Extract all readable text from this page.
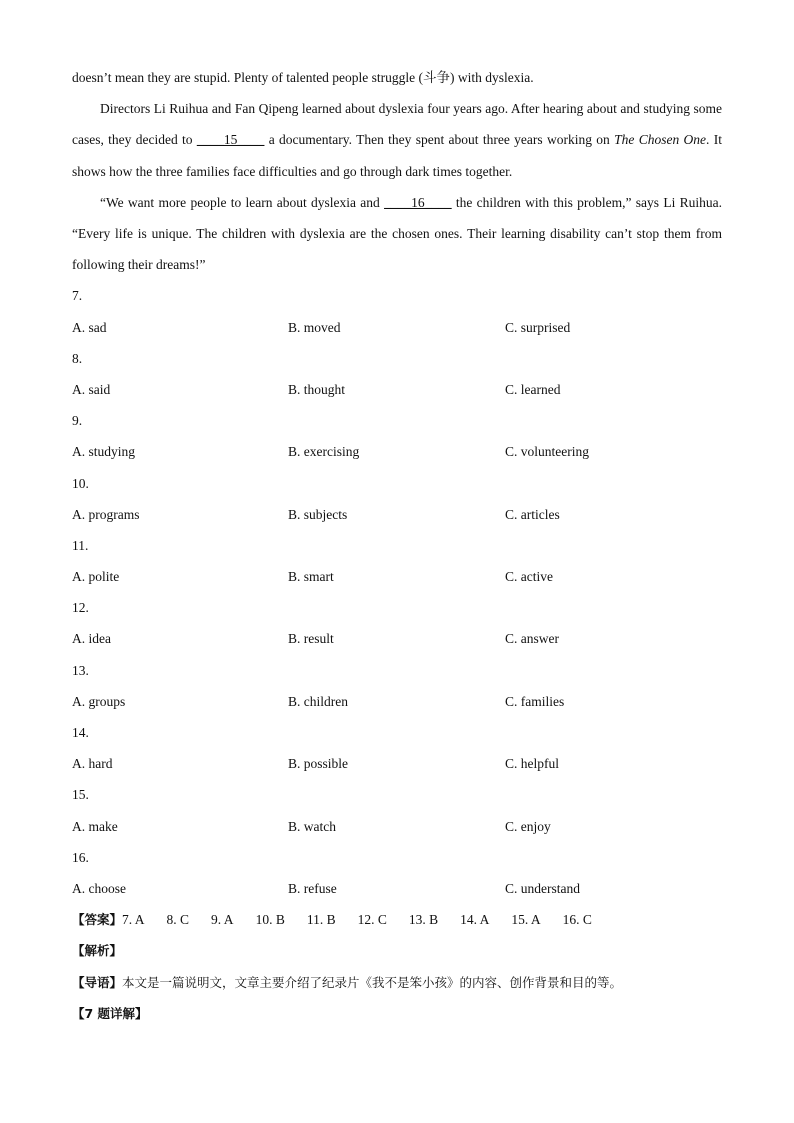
doesn’t mean they are stupid. Plenty of talented people struggle (斗争) with dyslexia.

Directors Li Ruihua and Fan Qipeng learned about dyslexia four years ago. After hearing about and studying some cases, they decided to ____15____ a documentary. Then they spent about three years working on The Chosen One. It shows how the three families face difficulties and go through dark times together.

“We want more people to learn about dyslexia and ____16____ the children with this problem,” says Li Ruihua. “Every life is unique. The children with dyslexia are the chosen ones. Their learning disability can’t stop them from following their dreams!”

7.
A. sad	B. moved	C. surprised
8.
A. said	B. thought	C. learned
9.
A. studying	B. exercising	C. volunteering
10.
A. programs	B. subjects	C. articles
11.
A. polite	B. smart	C. active
12.
A. idea	B. result	C. answer
13.
A. groups	B. children	C. families
14.
A. hard	B. possible	C. helpful
15.
A. make	B. watch	C. enjoy
16.
A. choose	B. refuse	C. understand
【答案】7. A 8. C 9. A 10. B 11. B 12. C 13. B 14. A 15. A 16. C
【解析】
【导语】本文是一篇说明文，文章主要介绍了纪录片《我不是笨小孩》的内容、创作背景和目的等。
【7 题详解】
